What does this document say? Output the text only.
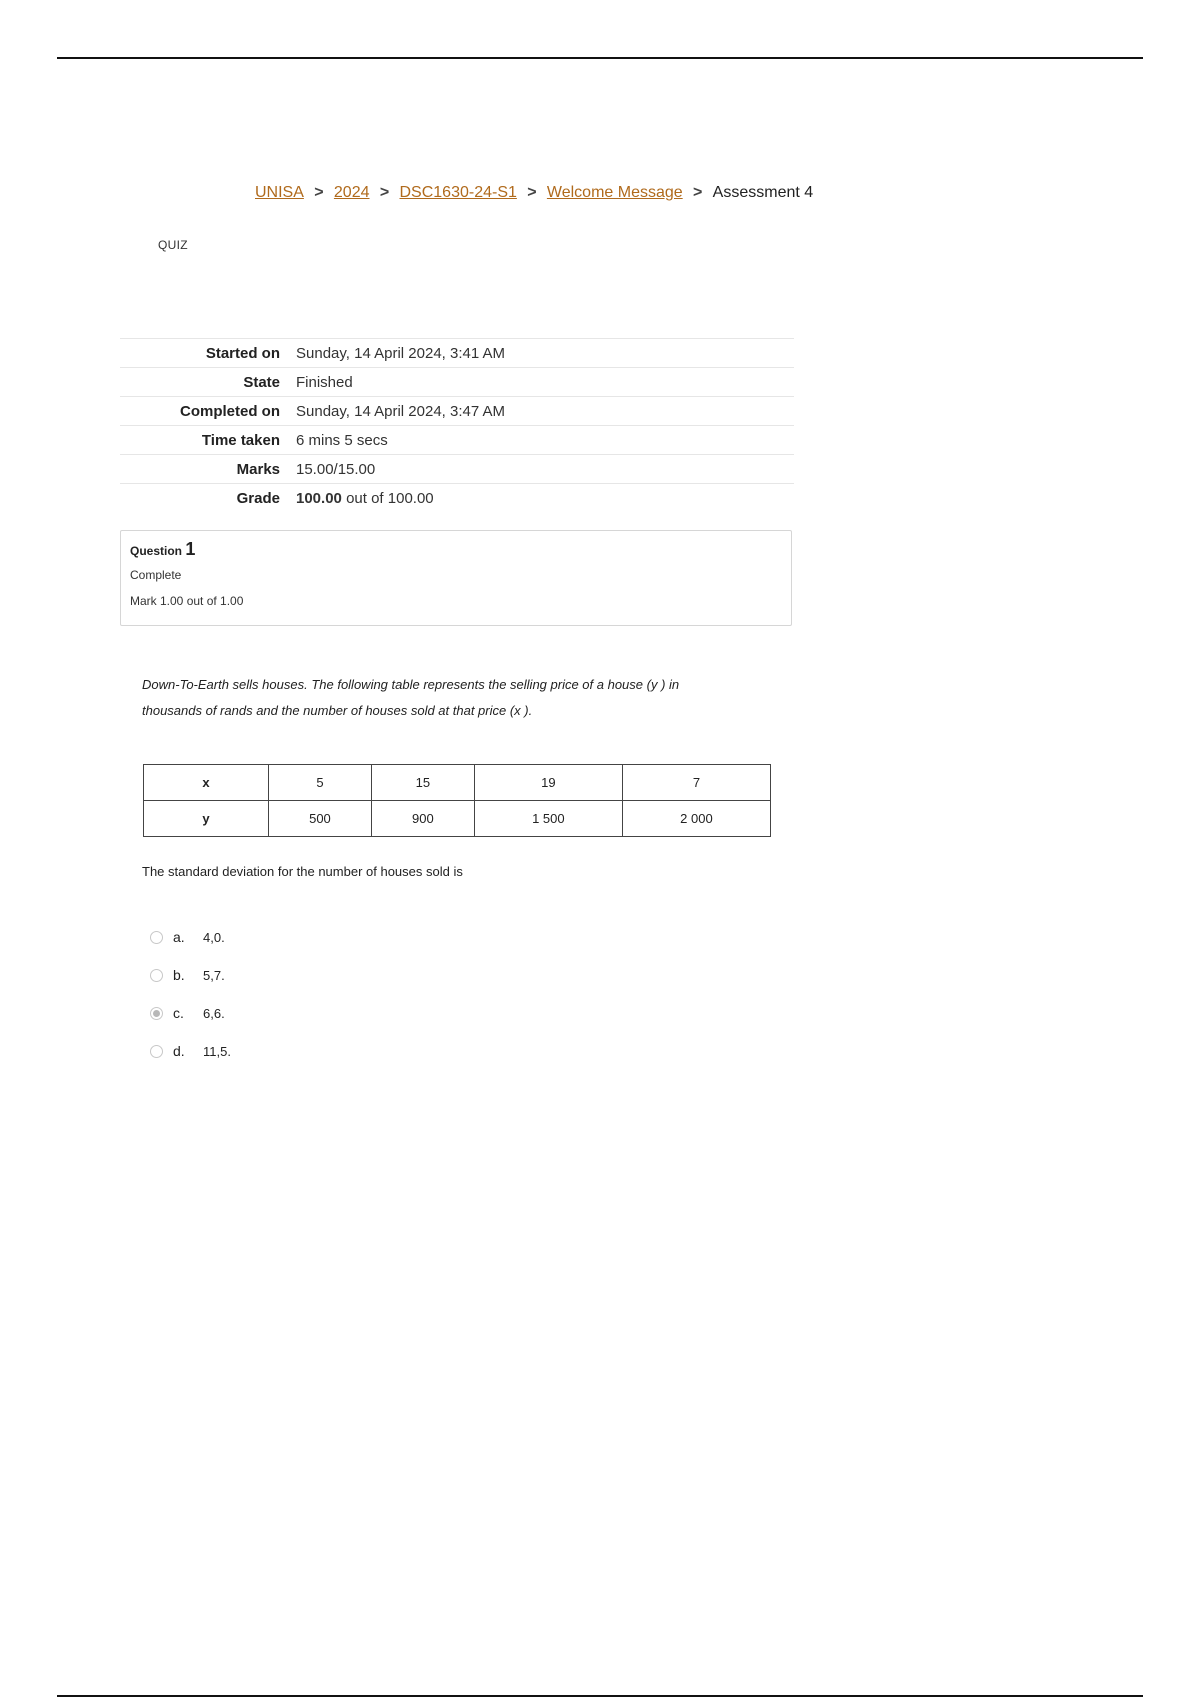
UNISA > 2024 > DSC1630-24-S1 > Welcome Message > Assessment 4
QUIZ
Started on	Sunday, 14 April 2024, 3:41 AM
State	Finished
Completed on	Sunday, 14 April 2024, 3:47 AM
Time taken	6 mins 5 secs
Marks	15.00/15.00
Grade	100.00 out of 100.00
Question 1
Complete
Mark 1.00 out of 1.00
Down-To-Earth sells houses. The following table represents the selling price of a house (y ) in
thousands of rands and the number of houses sold at that price (x ).
x	5	15	19	7
y	500	900	1 500	2 000
The standard deviation for the number of houses sold is
a.	4,0.
b.	5,7.
c.	6,6.
d.	11,5.
